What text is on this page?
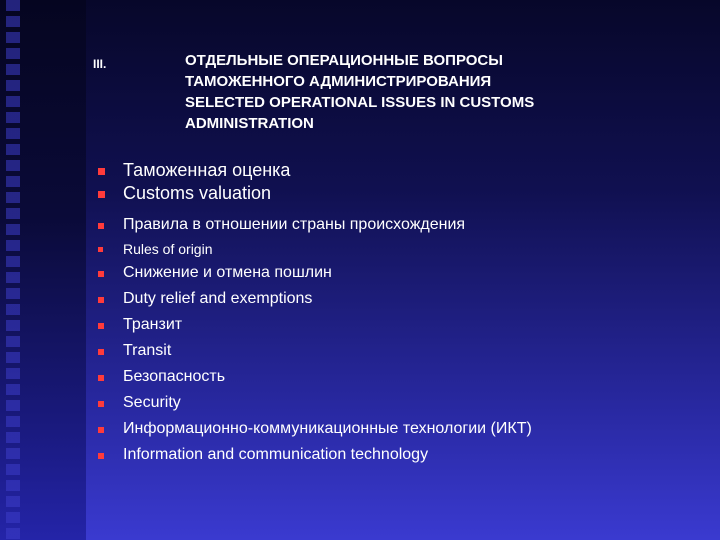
III.	ОТДЕЛЬНЫЕ ОПЕРАЦИОННЫЕ ВОПРОСЫ
ТАМОЖЕННОГО АДМИНИСТРИРОВАНИЯ
SELECTED OPERATIONAL ISSUES IN CUSTOMS
ADMINISTRATION
Таможенная оценка
Customs valuation
Правила в отношении страны происхождения
Rules of origin
Снижение и отмена пошлин
Duty relief and exemptions
Транзит
Transit
Безопасность
Security
Информационно-коммуникационные технологии (ИКТ)
Information and communication technology
